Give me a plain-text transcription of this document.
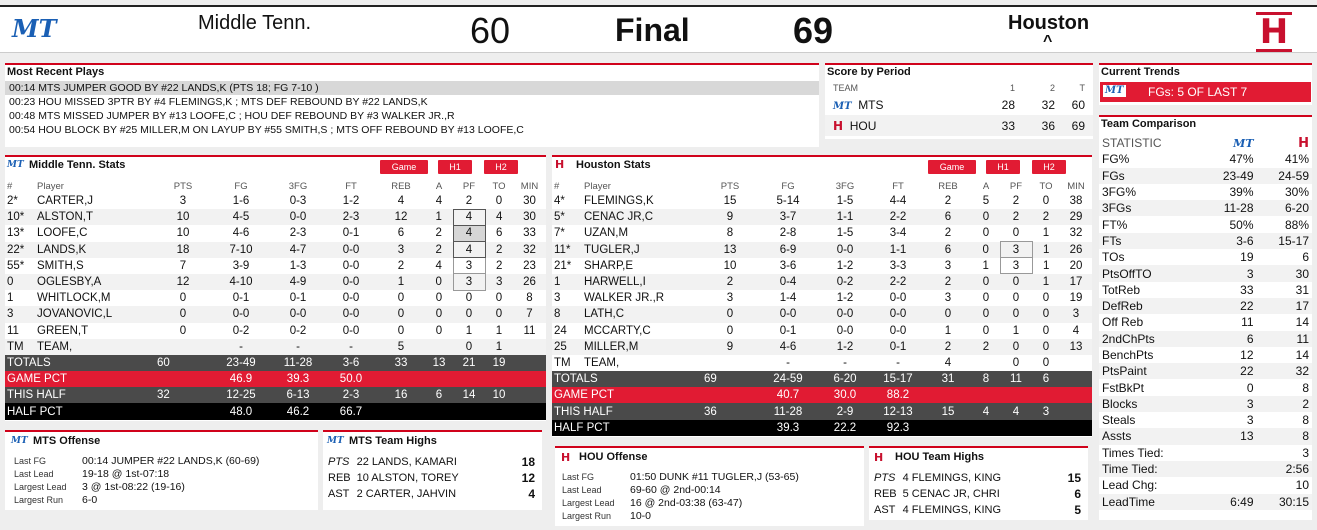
MT	Middle Tenn.	60	Final	69	Houston
^	H
Most Recent Plays
00:14 MTS JUMPER GOOD BY #22 LANDS,K (PTS 18; FG 7-10 )
00:23 HOU MISSED 3PTR BY #4 FLEMINGS,K ; MTS DEF REBOUND BY #22 LANDS,K
00:48 MTS MISSED JUMPER BY #13 LOOFE,C ; HOU DEF REBOUND BY #3 WALKER JR.,R
00:54 HOU BLOCK BY #25 MILLER,M ON LAYUP BY #55 SMITH,S ; MTS OFF REBOUND BY #13 LOOFE,C
Score by Period
TEAM	1	2	T
MT MTS	28	32	60
H HOU	33	36	69
Current Trends
MT FGs: 5 OF LAST 7
Team Comparison
STATISTIC	MT	H
FG%	47%	41%
FGs	23-49	24-59
3FG%	39%	30%
3FGs	11-28	6-20
FT%	50%	88%
FTs	3-6	15-17
TOs	19	6
PtsOffTO	3	30
TotReb	33	31
DefReb	22	17
Off Reb	11	14
2ndChPts	6	11
BenchPts	12	14
PtsPaint	22	32
FstBkPt	0	8
Blocks	3	2
Steals	3	8
Assts	13	8
Times Tied:		3
Time Tied:		2:56
Lead Chg:		10
LeadTime	6:49	30:15
MT Middle Tenn. Stats	Game	H1	H2
#	Player	PTS	FG	3FG	FT	REB	A	PF	TO	MIN
2*	CARTER,J	3	1-6	0-3	1-2	4	4	2	0	30
10*	ALSTON,T	10	4-5	0-0	2-3	12	1	4	4	30
13*	LOOFE,C	10	4-6	2-3	0-1	6	2	4	6	33
22*	LANDS,K	18	7-10	4-7	0-0	3	2	4	2	32
55*	SMITH,S	7	3-9	1-3	0-0	2	4	3	2	23
0	OGLESBY,A	12	4-10	4-9	0-0	1	0	3	3	26
1	WHITLOCK,M	0	0-1	0-1	0-0	0	0	0	0	8
3	JOVANOVIC,L	0	0-0	0-0	0-0	0	0	0	0	7
11	GREEN,T	0	0-2	0-2	0-0	0	0	1	1	11
TM	TEAM,		-	-	-	5		0	1	
TOTALS		60	23-49	11-28	3-6	33	13	21	19	
GAME PCT			46.9	39.3	50.0					
THIS HALF		32	12-25	6-13	2-3	16	6	14	10	
HALF PCT			48.0	46.2	66.7					
H Houston Stats	Game	H1	H2
#	Player	PTS	FG	3FG	FT	REB	A	PF	TO	MIN
4*	FLEMINGS,K	15	5-14	1-5	4-4	2	5	2	0	38
5*	CENAC JR,C	9	3-7	1-1	2-2	6	0	2	2	29
7*	UZAN,M	8	2-8	1-5	3-4	2	0	0	1	32
11*	TUGLER,J	13	6-9	0-0	1-1	6	0	3	1	26
21*	SHARP,E	10	3-6	1-2	3-3	3	1	3	1	20
1	HARWELL,I	2	0-4	0-2	2-2	2	0	0	1	17
3	WALKER JR.,R	3	1-4	1-2	0-0	3	0	0	0	19
8	LATH,C	0	0-0	0-0	0-0	0	0	0	0	3
24	MCCARTY,C	0	0-1	0-0	0-0	1	0	1	0	4
25	MILLER,M	9	4-6	1-2	0-1	2	2	0	0	13
TM	TEAM,		-	-	-	4		0	0	
TOTALS		69	24-59	6-20	15-17	31	8	11	6	
GAME PCT			40.7	30.0	88.2					
THIS HALF		36	11-28	2-9	12-13	15	4	4	3	
HALF PCT			39.3	22.2	92.3					
MT MTS Offense
Last FG	00:14 JUMPER #22 LANDS,K (60-69)
Last Lead	19-18 @ 1st-07:18
Largest Lead	3 @ 1st-08:22 (19-16)
Largest Run	6-0
MT MTS Team Highs
PTS	22 LANDS, KAMARI	18
REB	10 ALSTON, TOREY	12
AST	2 CARTER, JAHVIN	4
H HOU Offense
Last FG	01:50 DUNK #11 TUGLER,J (53-65)
Last Lead	69-60 @ 2nd-00:14
Largest Lead	16 @ 2nd-03:38 (63-47)
Largest Run	10-0
H HOU Team Highs
PTS	4 FLEMINGS, KING	15
REB	5 CENAC JR, CHRI	6
AST	4 FLEMINGS, KING	5
